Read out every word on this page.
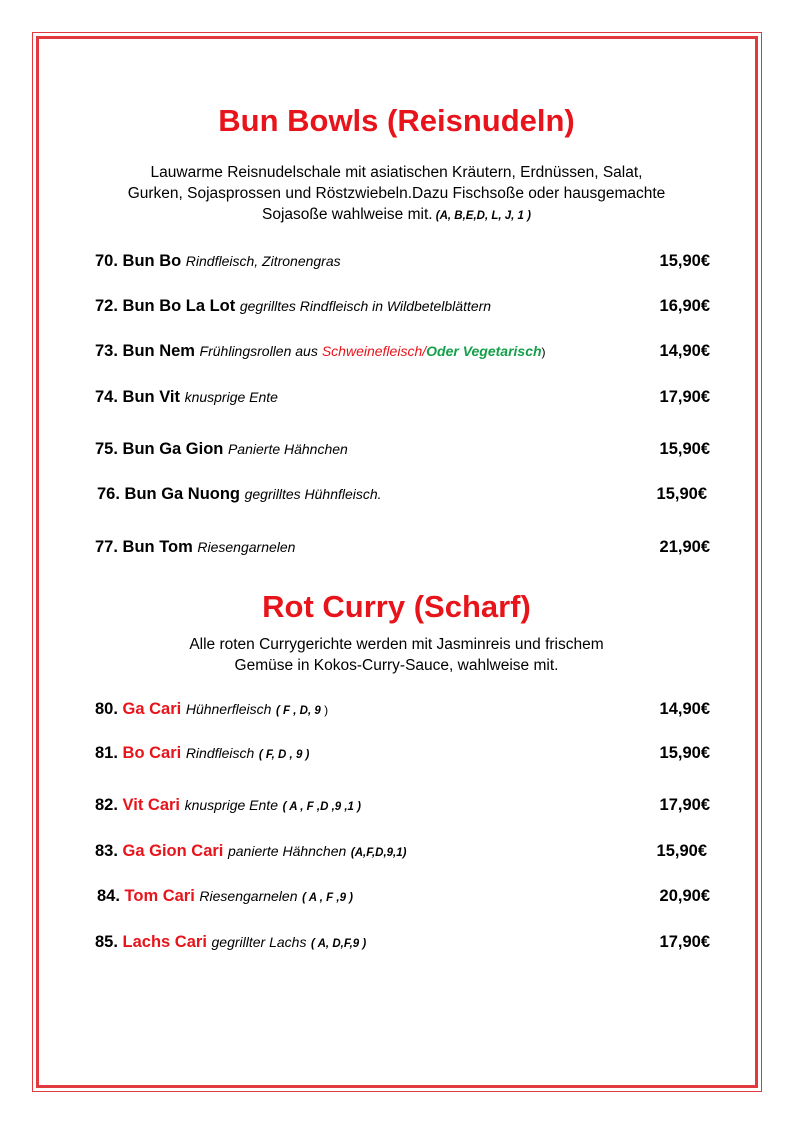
Bun Bowls (Reisnudeln)

Lauwarme Reisnudelschale mit asiatischen Kräutern, Erdnüssen, Salat,
Gurken, Sojasprossen und Röstzwiebeln.Dazu Fischsoße oder hausgemachte
Sojasoße wahlweise mit. (A, B,E,D, L, J, 1 )

70. Bun Bo Rindfleisch, Zitronengras	15,90€
72. Bun Bo La Lot gegrilltes Rindfleisch in Wildbetelblättern	16,90€
73. Bun Nem Frühlingsrollen aus Schweinefleisch/Oder Vegetarisch)	14,90€
74. Bun Vit knusprige Ente	17,90€
75. Bun Ga Gion Panierte Hähnchen	15,90€
76. Bun Ga Nuong gegrilltes Hühnfleisch.	15,90€
77. Bun Tom Riesengarnelen	21,90€
Rot Curry (Scharf)

Alle roten Currygerichte werden mit Jasminreis und frischem
Gemüse in Kokos-Curry-Sauce, wahlweise mit.

80. Ga Cari Hühnerfleisch ( F , D, 9 )	14,90€
81. Bo Cari Rindfleisch ( F, D , 9 )	15,90€
82. Vit Cari knusprige Ente ( A , F ,D ,9 ,1 )	17,90€
83. Ga Gion Cari panierte Hähnchen (A,F,D,9,1)	15,90€
84. Tom Cari Riesengarnelen ( A , F ,9 )	20,90€
85. Lachs Cari gegrillter Lachs ( A, D,F,9 )	17,90€
